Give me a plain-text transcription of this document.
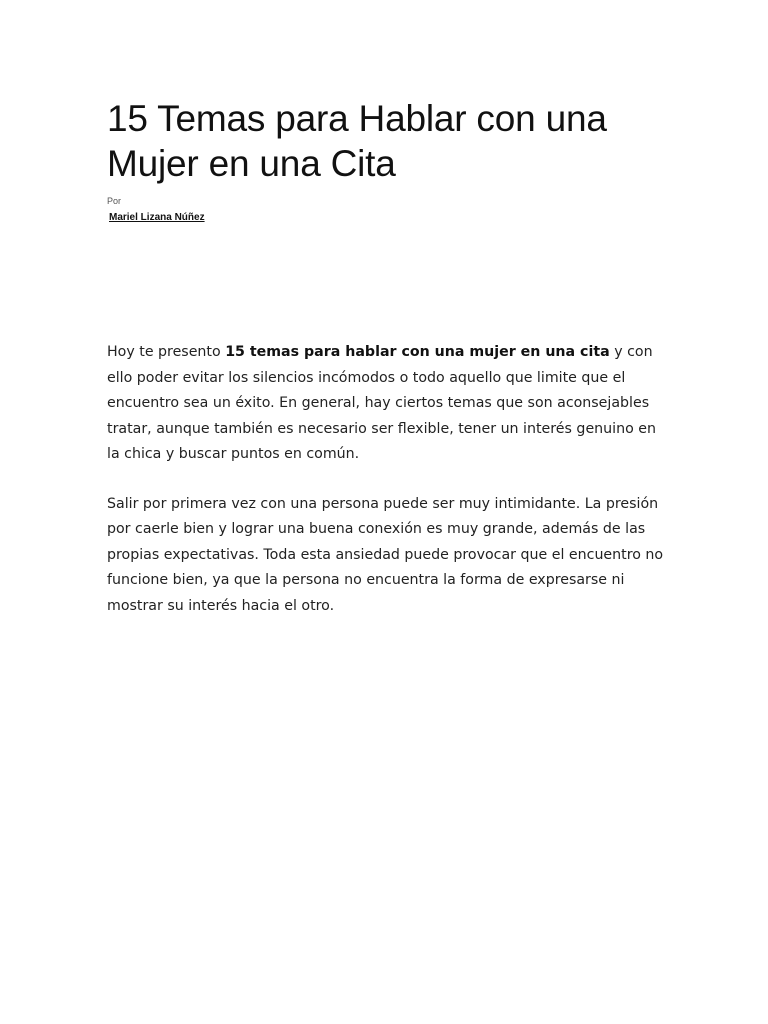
15 Temas para Hablar con una Mujer en una Cita
Por
Mariel Lizana Núñez

Hoy te presento 15 temas para hablar con una mujer en una cita y con ello poder evitar los silencios incómodos o todo aquello que limite que el encuentro sea un éxito. En general, hay ciertos temas que son aconsejables tratar, aunque también es necesario ser flexible, tener un interés genuino en la chica y buscar puntos en común.

Salir por primera vez con una persona puede ser muy intimidante. La presión por caerle bien y lograr una buena conexión es muy grande, además de las propias expectativas. Toda esta ansiedad puede provocar que el encuentro no funcione bien, ya que la persona no encuentra la forma de expresarse ni mostrar su interés hacia el otro.
